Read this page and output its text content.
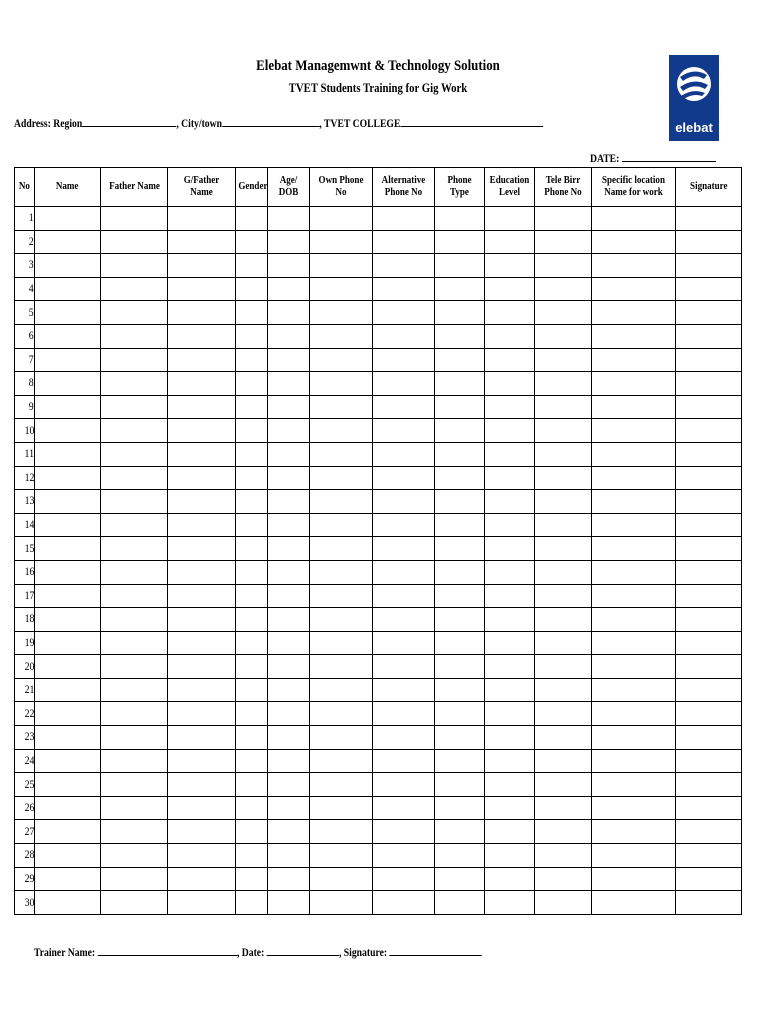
Elebat Managemwnt & Technology Solution
TVET Students Training for Gig Work
elebat
Address: Region	, City/town	, TVET COLLEGE
DATE:
No	Name	Father Name	G/Father Name	Gender	Age/ DOB	Own Phone No	Alternative Phone No	Phone Type	Education Level	Tele Birr Phone No	Specific location Name for work	Signature
1												
2												
3												
4												
5												
6												
7												
8												
9												
10												
11												
12												
13												
14												
15												
16												
17												
18												
19												
20												
21												
22												
23												
24												
25												
26												
27												
28												
29												
30												
Trainer Name:	, Date:	, Signature:
